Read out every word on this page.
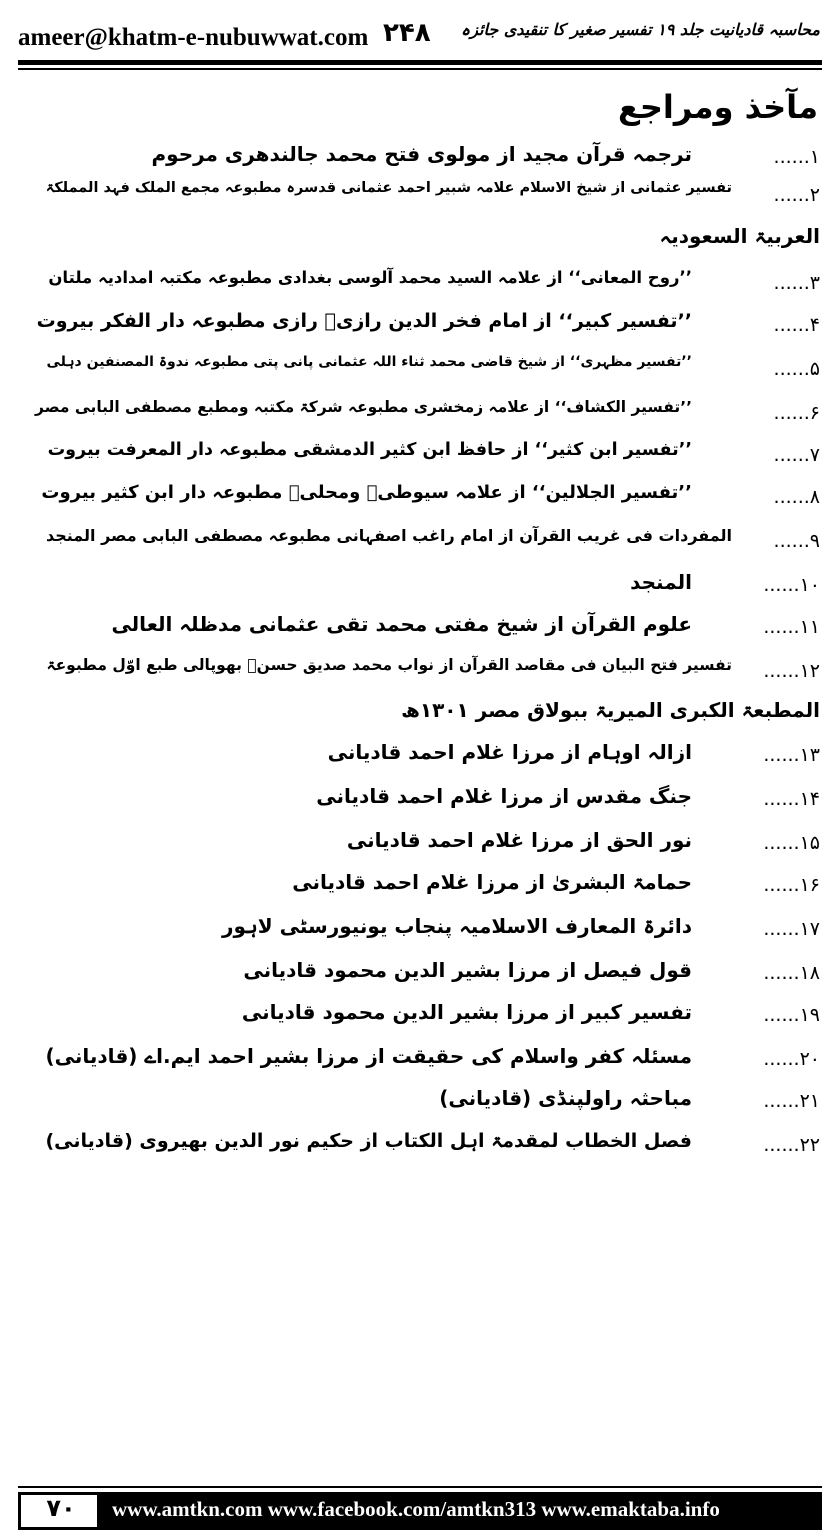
ameer@khatm-e-nubuwwat.com ۲۴۸ محاسبہ قادیانیت جلد ۱۹ تفسیر صغیر کا تنقیدی جائزہ
مآخذ ومراجع
۱......
ترجمہ قرآن مجید از مولوی فتح محمد جالندھری مرحوم
۲......
تفسیر عثمانی از شیخ الاسلام علامہ شبیر احمد عثمانی قدسرہ مطبوعہ مجمع الملک فہد المملکۃ
العربیۃ السعودیہ
۳......
’’روح المعانی‘‘ از علامہ السید محمد آلوسی بغدادی مطبوعہ مکتبہ امدادیہ ملتان
۴......
’’تفسیر کبیر‘‘ از امام فخر الدین رازیؒ رازی مطبوعہ دار الفکر بیروت
۵......
’’تفسیر مظہری‘‘ از شیخ قاضی محمد ثناء اللہ عثمانی پانی پتی مطبوعہ ندوۃ المصنفین دہلی
۶......
’’تفسیر الکشاف‘‘ از علامہ زمخشری مطبوعہ شرکۃ مکتبہ ومطبع مصطفی البابی مصر
۷......
’’تفسیر ابن کثیر‘‘ از حافظ ابن کثیر الدمشقی مطبوعہ دار المعرفت بیروت
۸......
’’تفسیر الجلالین‘‘ از علامہ سیوطیؒ ومحلیؒ مطبوعہ دار ابن کثیر بیروت
۹......
المفردات فی غریب القرآن از امام راغب اصفہانی مطبوعہ مصطفی البابی مصر المنجد
۱۰......
المنجد
۱۱......
علوم القرآن از شیخ مفتی محمد تقی عثمانی مدظلہ العالی
۱۲......
تفسیر فتح البیان فی مقاصد القرآن از نواب محمد صدیق حسنؒ بھوپالی طبع اوّل مطبوعۃ
المطبعۃ الکبری المیریۃ ببولاق مصر ۱۳۰۱ھ
۱۳......
ازالہ اوہام از مرزا غلام احمد قادیانی
۱۴......
جنگ مقدس از مرزا غلام احمد قادیانی
۱۵......
نور الحق از مرزا غلام احمد قادیانی
۱۶......
حمامۃ البشریٰ از مرزا غلام احمد قادیانی
۱۷......
دائرۃ المعارف الاسلامیہ پنجاب یونیورسٹی لاہور
۱۸......
قول فیصل از مرزا بشیر الدین محمود قادیانی
۱۹......
تفسیر کبیر از مرزا بشیر الدین محمود قادیانی
۲۰......
مسئلہ کفر واسلام کی حقیقت از مرزا بشیر احمد ایم.اے (قادیانی)
۲۱......
مباحثہ راولپنڈی (قادیانی)
۲۲......
فصل الخطاب لمقدمۃ اہل الکتاب از حکیم نور الدین بھیروی (قادیانی)
۷۰	www.amtkn.com www.facebook.com/amtkn313 www.emaktaba.info
